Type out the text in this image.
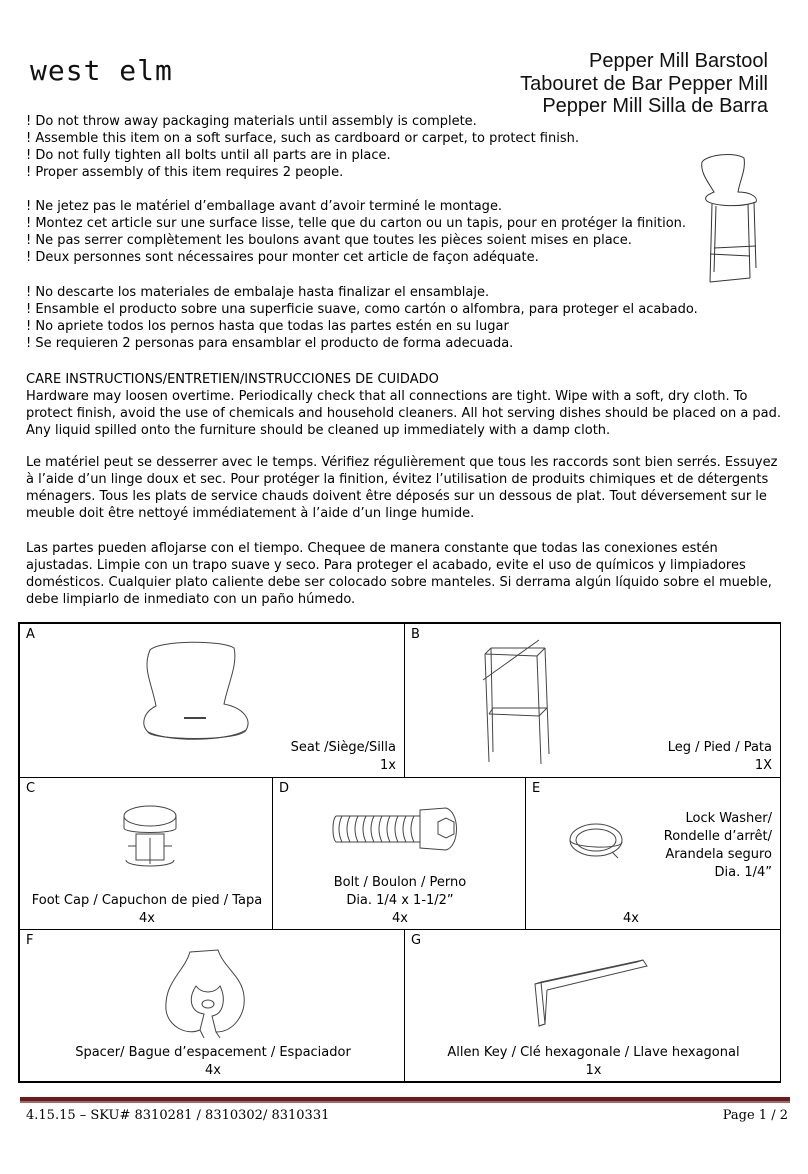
west elm	Pepper Mill Barstool
Tabouret de Bar Pepper Mill
Pepper Mill Silla de Barra

! Do not throw away packaging materials until assembly is complete.

! Assemble this item on a soft surface, such as cardboard or carpet, to protect finish.

! Do not fully tighten all bolts until all parts are in place.

! Proper assembly of this item requires 2 people.

! Ne jetez pas le matériel d’emballage avant d’avoir terminé le montage.

! Montez cet article sur une surface lisse, telle que du carton ou un tapis, pour en protéger la finition.

! Ne pas serrer complètement les boulons avant que toutes les pièces soient mises en place.

! Deux personnes sont nécessaires pour monter cet article de façon adéquate.

! No descarte los materiales de embalaje hasta finalizar el ensamblaje.

! Ensamble el producto sobre una superficie suave, como cartón o alfombra, para proteger el acabado.

! No apriete todos los pernos hasta que todas las partes estén en su lugar

! Se requieren 2 personas para ensamblar el producto de forma adecuada.

CARE INSTRUCTIONS/ENTRETIEN/INSTRUCCIONES DE CUIDADO

Hardware may loosen overtime. Periodically check that all connections are tight. Wipe with a soft, dry cloth. To protect finish, avoid the use of chemicals and household cleaners. All hot serving dishes should be placed on a pad. Any liquid spilled onto the furniture should be cleaned up immediately with a damp cloth.

Le matériel peut se desserrer avec le temps. Vérifiez régulièrement que tous les raccords sont bien serrés. Essuyez à l’aide d’un linge doux et sec. Pour protéger la finition, évitez l’utilisation de produits chimiques et de détergents ménagers. Tous les plats de service chauds doivent être déposés sur un dessous de plat. Tout déversement sur le meuble doit être nettoyé immédiatement à l’aide d’un linge humide.

Las partes pueden aflojarse con el tiempo. Chequee de manera constante que todas las conexiones estén ajustadas. Limpie con un trapo suave y seco. Para proteger el acabado, evite el uso de químicos y limpiadores domésticos. Cualquier plato caliente debe ser colocado sobre manteles. Si derrama algún líquido sobre el mueble, debe limpiarlo de inmediato con un paño húmedo.

A
Seat /Siège/Silla
1x
B
Leg / Pied / Pata
1X
C
Foot Cap / Capuchon de pied / Tapa
4x
D
Bolt / Boulon / Perno
Dia. 1/4 x 1-1/2”
4x
E
Lock Washer/
Rondelle d’arrêt/
Arandela seguro
Dia. 1/4”
4x
F
Spacer/ Bague d’espacement / Espaciador
4x
G
Allen Key / Clé hexagonale / Llave hexagonal
1x
4.15.15 – SKU# 8310281 / 8310302/ 8310331	Page 1 / 2
